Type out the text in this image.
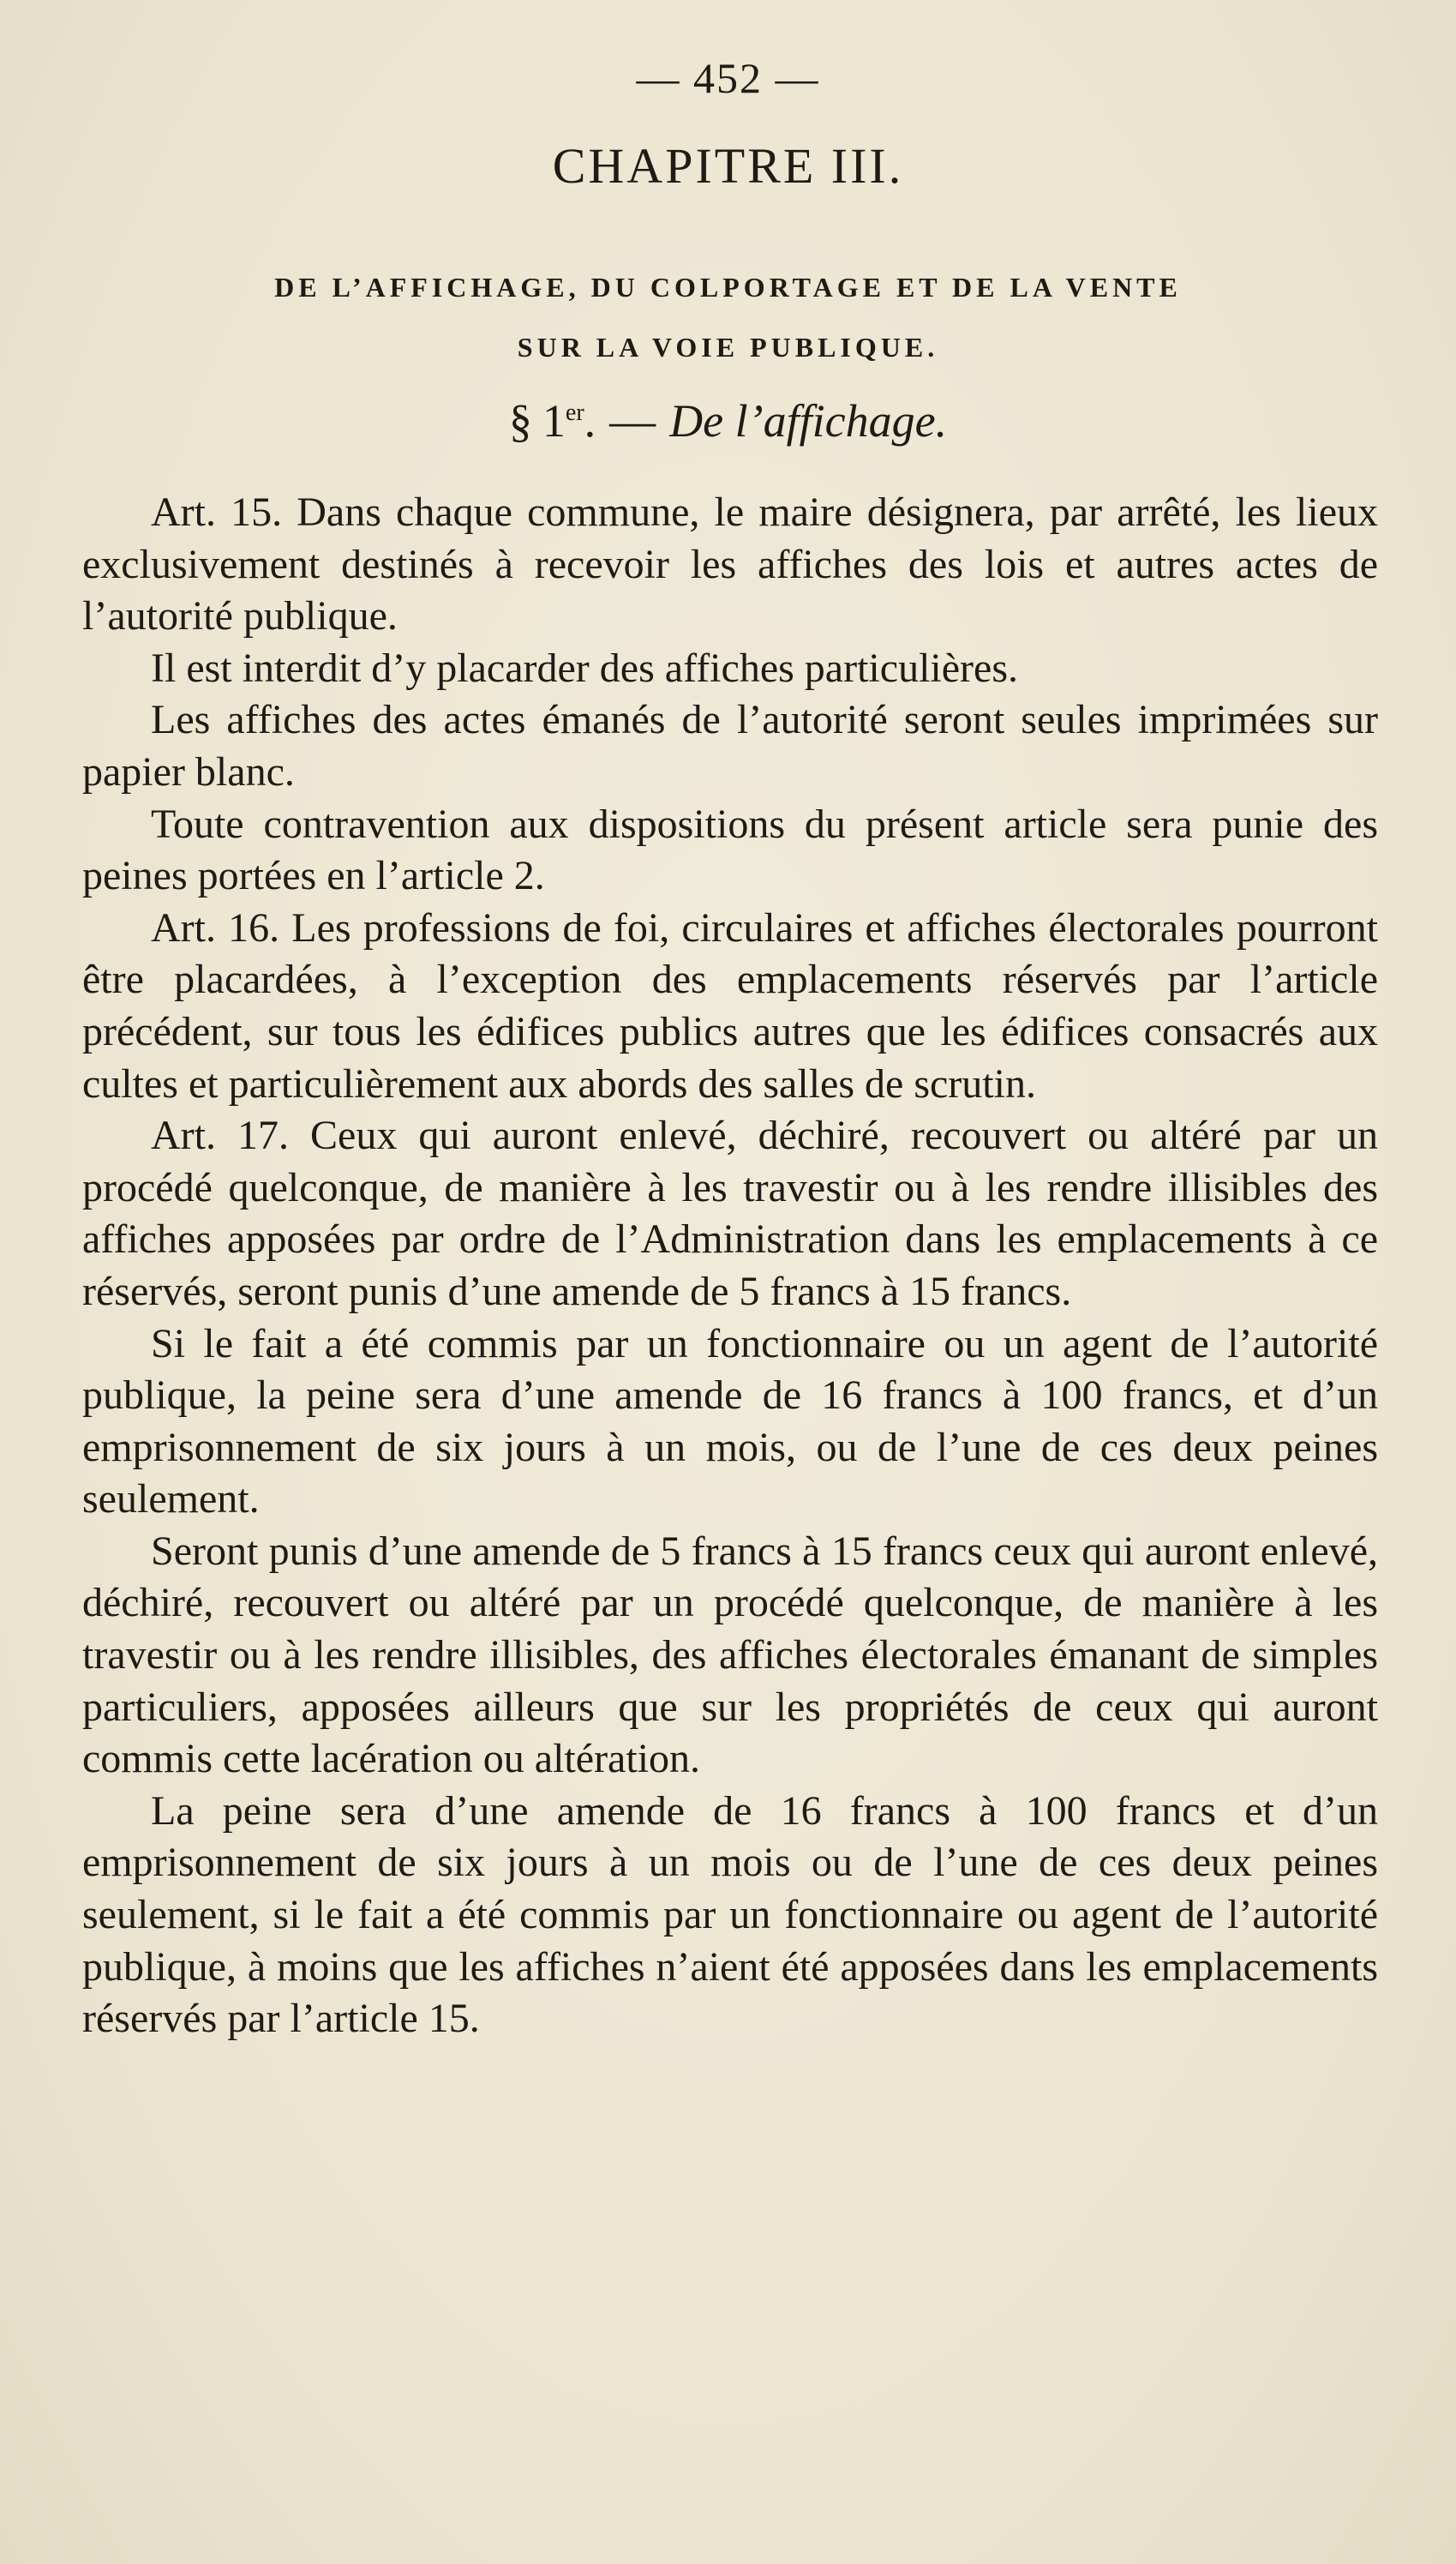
— 452 —
CHAPITRE III.
DE L’AFFICHAGE, DU COLPORTAGE ET DE LA VENTE
SUR LA VOIE PUBLIQUE.
§ 1er. — De l’affichage.

Art. 15. Dans chaque commune, le maire désignera, par arrêté, les lieux exclusivement destinés à recevoir les affiches des lois et autres actes de l’autorité publique.

Il est interdit d’y placarder des affiches particulières.

Les affiches des actes émanés de l’autorité seront seules imprimées sur papier blanc.

Toute contravention aux dispositions du présent article sera punie des peines portées en l’article 2.

Art. 16. Les professions de foi, circulaires et affiches électorales pourront être placardées, à l’exception des emplacements réservés par l’article précédent, sur tous les édifices publics autres que les édifices consacrés aux cultes et particulièrement aux abords des salles de scrutin.

Art. 17. Ceux qui auront enlevé, déchiré, recouvert ou altéré par un procédé quelconque, de manière à les travestir ou à les rendre illisibles des affiches apposées par ordre de l’Administration dans les emplacements à ce réservés, seront punis d’une amende de 5 francs à 15 francs.

Si le fait a été commis par un fonctionnaire ou un agent de l’autorité publique, la peine sera d’une amende de 16 francs à 100 francs, et d’un emprisonnement de six jours à un mois, ou de l’une de ces deux peines seulement.

Seront punis d’une amende de 5 francs à 15 francs ceux qui auront enlevé, déchiré, recouvert ou altéré par un procédé quelconque, de manière à les travestir ou à les rendre illisibles, des affiches électorales émanant de simples particuliers, apposées ailleurs que sur les propriétés de ceux qui auront commis cette lacération ou altération.

La peine sera d’une amende de 16 francs à 100 francs et d’un emprisonnement de six jours à un mois ou de l’une de ces deux peines seulement, si le fait a été commis par un fonctionnaire ou agent de l’autorité publique, à moins que les affiches n’aient été apposées dans les emplacements réservés par l’article 15.
